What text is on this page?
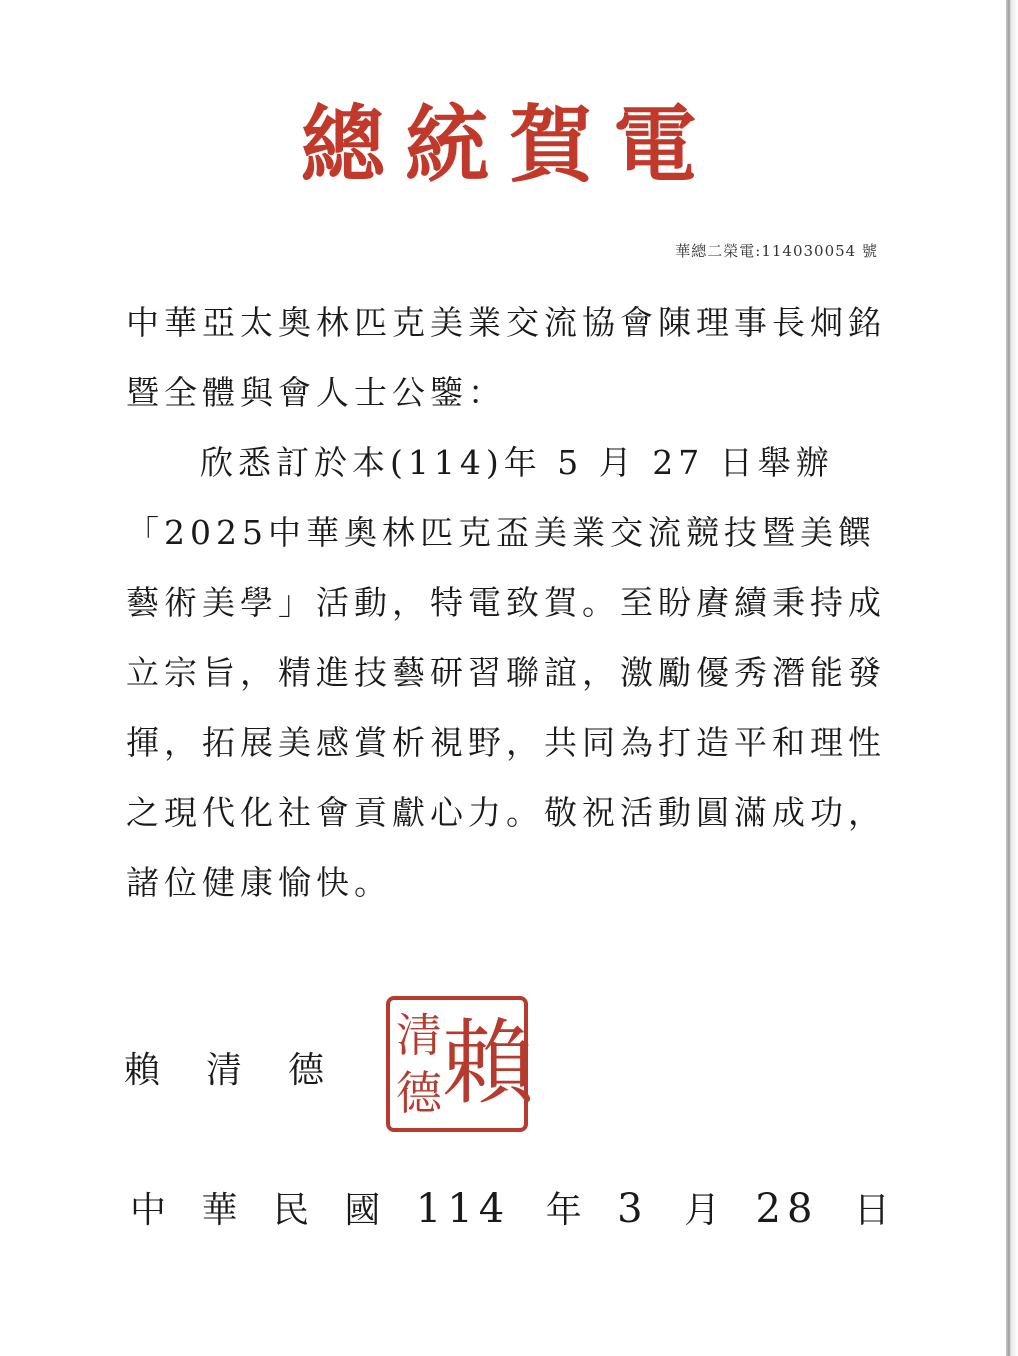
總統賀電
華總二榮電:114030054 號

中華亞太奧林匹克美業交流協會陳理事長炯銘暨全體與會人士公鑒：

欣悉訂於本(114)年 5 月 27 日舉辦「2025中華奧林匹克盃美業交流競技暨美饌藝術美學」活動，特電致賀。至盼賡續秉持成立宗旨，精進技藝研習聯誼，激勵優秀潛能發揮，拓展美感賞析視野，共同為打造平和理性之現代化社會貢獻心力。敬祝活動圓滿成功，諸位健康愉快。

賴清德 賴
清
德
中 華 民 國 114 年 3 月 28 日
